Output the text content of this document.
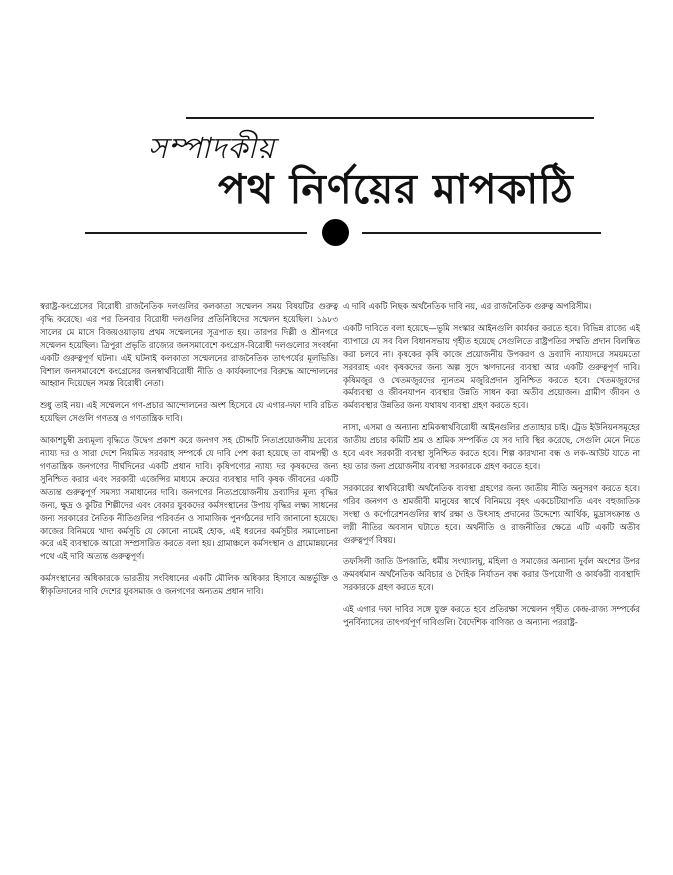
সম্পাদকীয়
পথ নির্ণয়ের মাপকাঠি

স্বরাষ্ট্র-কংগ্রেসের বিরোধী রাজনৈতিক দলগুলির কলকাতা সম্মেলন সময় বিষয়টির গুরুত্ব বৃদ্ধি করেছে। এর পর তিনবার বিরোধী দলগুলির প্রতিনিধিদের সম্মেলন হয়েছিল। ১৯৮৩ সালের মে মাসে বিজয়ওয়াড়ায় প্রথম সম্মেলনের সূত্রপাত হয়। তারপর দিল্লী ও শ্রীনগরে সম্মেলন হয়েছিল। ত্রিপুরা প্রভৃতি রাজ্যের জনসমাবেশে কংগ্রেস-বিরোধী দলগুলোর সংবর্ধনা একটি গুরুত্বপূর্ণ ঘটনা। এই ঘটনাই কলকাতা সম্মেলনের রাজনৈতিক তাৎপর্যের মূলভিত্তি। বিশাল জনসমাবেশে কংগ্রেসের জনস্বার্থবিরোধী নীতি ও কার্যকলাপের বিরুদ্ধে আন্দোলনের আহ্বান দিয়েছেন সমস্ত বিরোধী নেতা।

শুধু তাই নয়। এই সম্মেলনে গণ-প্রচার আন্দোলনের অংশ হিসেবে যে এগার-দফা দাবি রচিত হয়েছিল সেগুলি গণতন্ত্র ও গণতান্ত্রিক দাবি।

আকাশচুম্বী দ্রব্যমূল্য বৃদ্ধিতে উদ্বেগ প্রকাশ করে জনগণ সহ চৌদ্দটি নিত্যপ্রয়োজনীয় দ্রব্যের ন্যায্য দর ও সারা দেশে নিয়মিত সরবরাহ সম্পর্কে যে দাবি পেশ করা হয়েছে তা বামপন্থী ও গণতান্ত্রিক জনগণের দীর্ঘদিনের একটি প্রধান দাবি। কৃষিপণ্যের ন্যায্য দর কৃষকদের জন্য সুনিশ্চিত করার এবং সরকারী এজেন্সির মাধ্যমে ক্রয়ের ব্যবস্থার দাবি কৃষক জীবনের একটি অত্যন্ত গুরুত্বপূর্ণ সমস্যা সমাধানের দাবি। জনগণের নিত্যপ্রয়োজনীয় দ্রব্যাদির মূল্য বৃদ্ধির জন্য, ক্ষুদ্র ও কুটির শিল্পীদের এবং বেকার যুবকদের কর্মসংস্থানের উপায় বৃদ্ধির লক্ষ্য সাধনের জন্য সরকারের নৈতিক নীতিগুলির পরিবর্তন ও সামাজিক পুনর্গঠনের দাবি জানানো হয়েছে। কাজের বিনিময়ে খাদ্য কর্মসূচি যে কোনো নামেই হোক, এই ধরনের কর্মসূচীর সমালোচনা করে এই ব্যবস্থাকে আরো সম্প্রসারিত করতে বলা হয়। গ্রামাঞ্চলে কর্মসংস্থান ও গ্রামোন্নয়নের পথে এই দাবি অত্যন্ত গুরুত্বপূর্ণ।

কর্মসংস্থানের অধিকারকে ভারতীয় সংবিধানের একটি মৌলিক অধিকার হিসাবে অন্তর্ভুক্তি ও স্বীকৃতিদানের দাবি দেশের যুবসমাজ ও জনগণের অন্যতম প্রধান দাবি।

এ দাবি একটি নিছক অর্থনৈতিক দাবি নয়, এর রাজনৈতিক গুরুত্ব অপরিসীম।

একটি দাবিতে বলা হয়েছে—ভূমি সংস্কার আইনগুলি কার্যকর করতে হবে। বিভিন্ন রাজ্যে এই ব্যাপারে যে সব বিল বিধানসভায় গৃহীত হয়েছে সেগুলিতে রাষ্ট্রপতির সম্মতি প্রদান বিলম্বিত করা চলবে না। কৃষকের কৃষি কাজে প্রয়োজনীয় উপকরণ ও দ্রব্যাদি ন্যায্যদরে সময়মতো সরবরাহ এবং কৃষকদের জন্য অল্প সুদে ঋণদানের ব্যবস্থা আর একটি গুরুত্বপূর্ণ দাবি। কৃষিমজুর ও খেতমজুরদের ন্যূনতম মজুরিপ্রদান সুনিশ্চিত করতে হবে। খেতমজুরদের কর্মব্যবস্থা ও জীবনযাপন ব্যবস্থার উন্নতি সাধন করা অতীব প্রয়োজন। গ্রামীণ জীবন ও কর্মব্যবস্থার উন্নতির জন্য যথাযথ ব্যবস্থা গ্রহণ করতে হবে।

নাসা, এসমা ও অন্যান্য শ্রমিকস্বার্থবিরোধী আইনগুলির প্রত্যাহার চাই। ট্রেড ইউনিয়নসমূহের জাতীয় প্রচার কমিটি শ্রম ও শ্রমিক সম্পর্কিত যে সব দাবি স্থির করেছে, সেগুলি মেনে নিতে হবে এবং সরকারী ব্যবস্থা সুনিশ্চিত করতে হবে। শিল্প কারখানা বন্ধ ও লক-আউট যাতে না হয় তার জন্য প্রয়োজনীয় ব্যবস্থা সরকারকে গ্রহণ করতে হবে।

সরকারের স্বার্থবিরোধী অর্থনৈতিক ব্যবস্থা গ্রহণের জন্য জাতীয় নীতি অনুসরণ করতে হবে। গরিব জনগণ ও শ্রমজীবী মানুষের স্বার্থে বিনিময়ে বৃহৎ একচেটিয়াপতি এবং বহুজাতিক সংস্থা ও কর্পোরেশনগুলির স্বার্থ রক্ষা ও উৎসাহ প্রদানের উদ্দেশ্যে আর্থিক, মুদ্রাসংক্রান্ত ও লগ্নী নীতির অবসান ঘটাতে হবে। অর্থনীতি ও রাজনীতির ক্ষেত্রে এটি একটি অতীব গুরুত্বপূর্ণ বিষয়।

তফসিলী জাতি উপজাতি, ধর্মীয় সংখ্যালঘু, মহিলা ও সমাজের অন্যান্য দুর্বল অংশের উপর ক্রমবর্ধমান অর্থনৈতিক অবিচার ও দৈহিক নির্যাতন বন্ধ করার উপযোগী ও কার্যকরী ব্যবস্থাদি সরকারকে গ্রহণ করতে হবে।

এই এগার দফা দাবির সঙ্গে যুক্ত করতে হবে প্রতিরক্ষা সম্মেলন গৃহীত কেন্দ্র-রাজ্য সম্পর্কের পুনর্বিন্যাসের তাৎপর্যপূর্ণ দাবিগুলি। বৈদেশিক বাণিজ্য ও অন্যান্য পররাষ্ট্র-
